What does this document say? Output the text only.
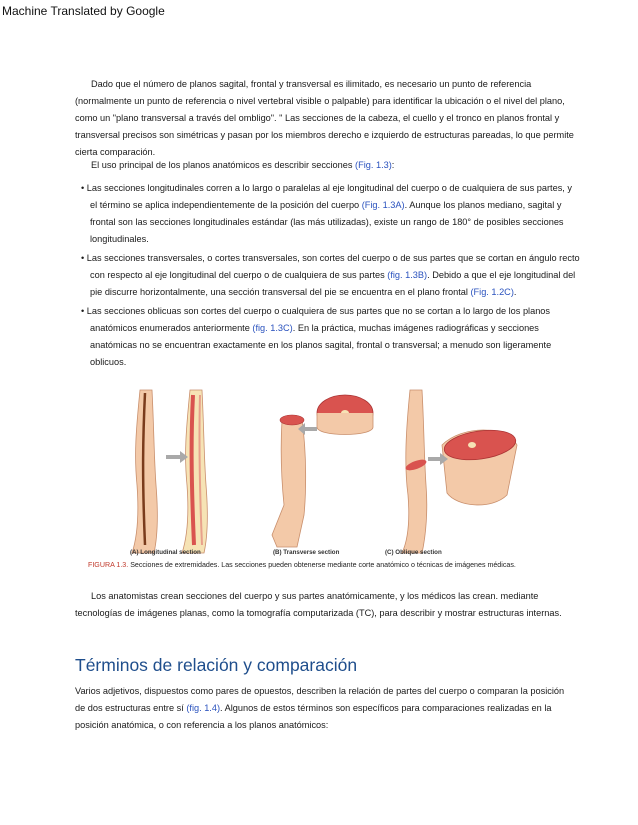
Machine Translated by Google

Dado que el número de planos sagital, frontal y transversal es ilimitado, es necesario un punto de referencia (normalmente un punto de referencia o nivel vertebral visible o palpable) para identificar la ubicación o el nivel del plano, como un "plano transversal a través del ombligo". " Las secciones de la cabeza, el cuello y el tronco en planos frontal y transversal precisos son simétricas y pasan por los miembros derecho e izquierdo de estructuras pareadas, lo que permite cierta comparación.

El uso principal de los planos anatómicos es describir secciones (Fig. 1.3):

• Las secciones longitudinales corren a lo largo o paralelas al eje longitudinal del cuerpo o de cualquiera de sus partes, y el término se aplica independientemente de la posición del cuerpo (Fig. 1.3A). Aunque los planos mediano, sagital y frontal son las secciones longitudinales estándar (las más utilizadas), existe un rango de 180° de posibles secciones longitudinales.

• Las secciones transversales, o cortes transversales, son cortes del cuerpo o de sus partes que se cortan en ángulo recto con respecto al eje longitudinal del cuerpo o de cualquiera de sus partes (fig. 1.3B). Debido a que el eje longitudinal del pie discurre horizontalmente, una sección transversal del pie se encuentra en el plano frontal (Fig. 1.2C).

• Las secciones oblicuas son cortes del cuerpo o cualquiera de sus partes que no se cortan a lo largo de los planos anatómicos enumerados anteriormente (fig. 1.3C). En la práctica, muchas imágenes radiográficas y secciones anatómicas no se encuentran exactamente en los planos sagital, frontal o transversal; a menudo son ligeramente oblicuos.

(A) Longitudinal section	(B) Transverse section	(C) Oblique section
FIGURA 1.3. Secciones de extremidades. Las secciones pueden obtenerse mediante corte anatómico o técnicas de imágenes médicas.

Los anatomistas crean secciones del cuerpo y sus partes anatómicamente, y los médicos las crean. mediante tecnologías de imágenes planas, como la tomografía computarizada (TC), para describir y mostrar estructuras internas.

Términos de relación y comparación

Varios adjetivos, dispuestos como pares de opuestos, describen la relación de partes del cuerpo o comparan la posición de dos estructuras entre sí (fig. 1.4). Algunos de estos términos son específicos para comparaciones realizadas en la posición anatómica, o con referencia a los planos anatómicos:
